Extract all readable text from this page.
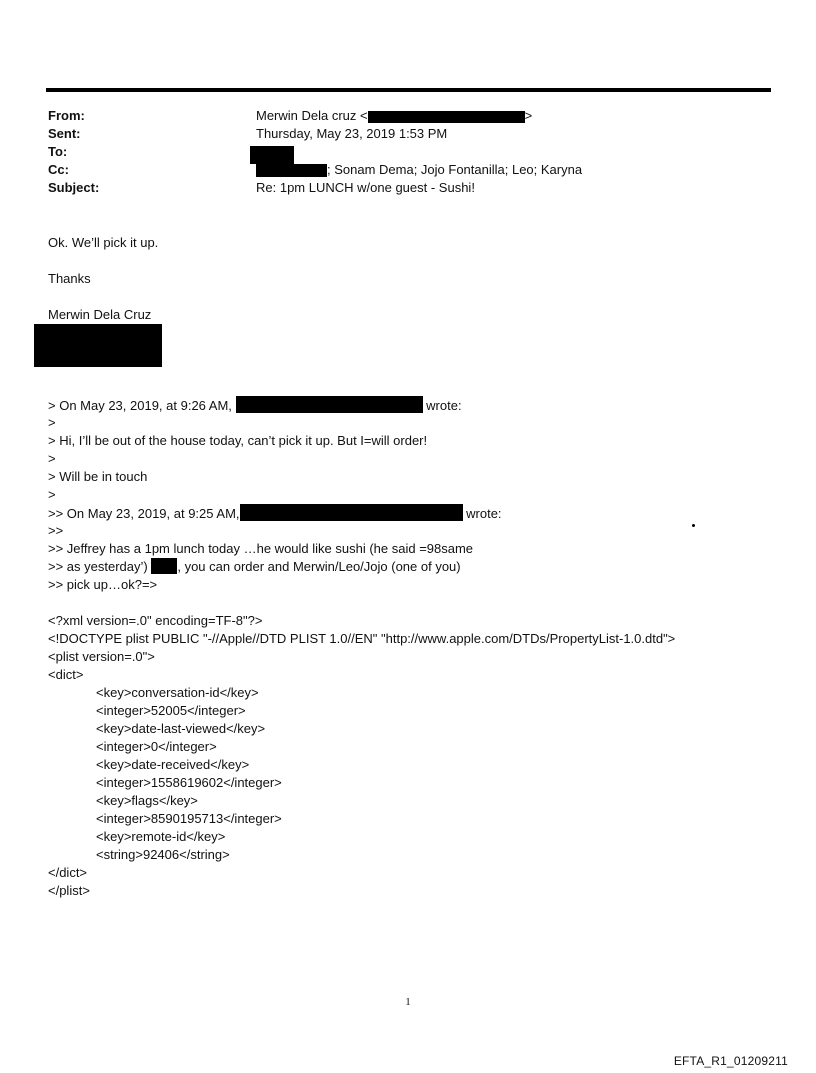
From:	Merwin Dela cruz <	>
Sent:	Thursday, May 23, 2019 1:53 PM
To:
Cc:	; Sonam Dema; Jojo Fontanilla; Leo; Karyna
Subject:	Re: 1pm LUNCH w/one guest - Sushi!
Ok. We’ll pick it up.
Thanks
Merwin Dela Cruz
> On May 23, 2019, at 9:26 AM,	wrote:
>
> Hi, I’ll be out of the house today, can’t pick it up. But I=will order!
>
> Will be in touch
>
>> On May 23, 2019, at 9:25 AM,	wrote:
>>
>> Jeffrey has a 1pm lunch today …he would like sushi (he said =98same
>> as yesterday’) , you can order and Merwin/Leo/Jojo (one of you)
>> pick up…ok?=>
<?xml version=.0" encoding=TF-8"?>
<!DOCTYPE plist PUBLIC "-//Apple//DTD PLIST 1.0//EN" "http://www.apple.com/DTDs/PropertyList-1.0.dtd">
<plist version=.0">
<dict>
<key>conversation-id</key>
<integer>52005</integer>
<key>date-last-viewed</key>
<integer>0</integer>
<key>date-received</key>
<integer>1558619602</integer>
<key>flags</key>
<integer>8590195713</integer>
<key>remote-id</key>
<string>92406</string>
</dict>
</plist>
1
EFTA_R1_01209211
